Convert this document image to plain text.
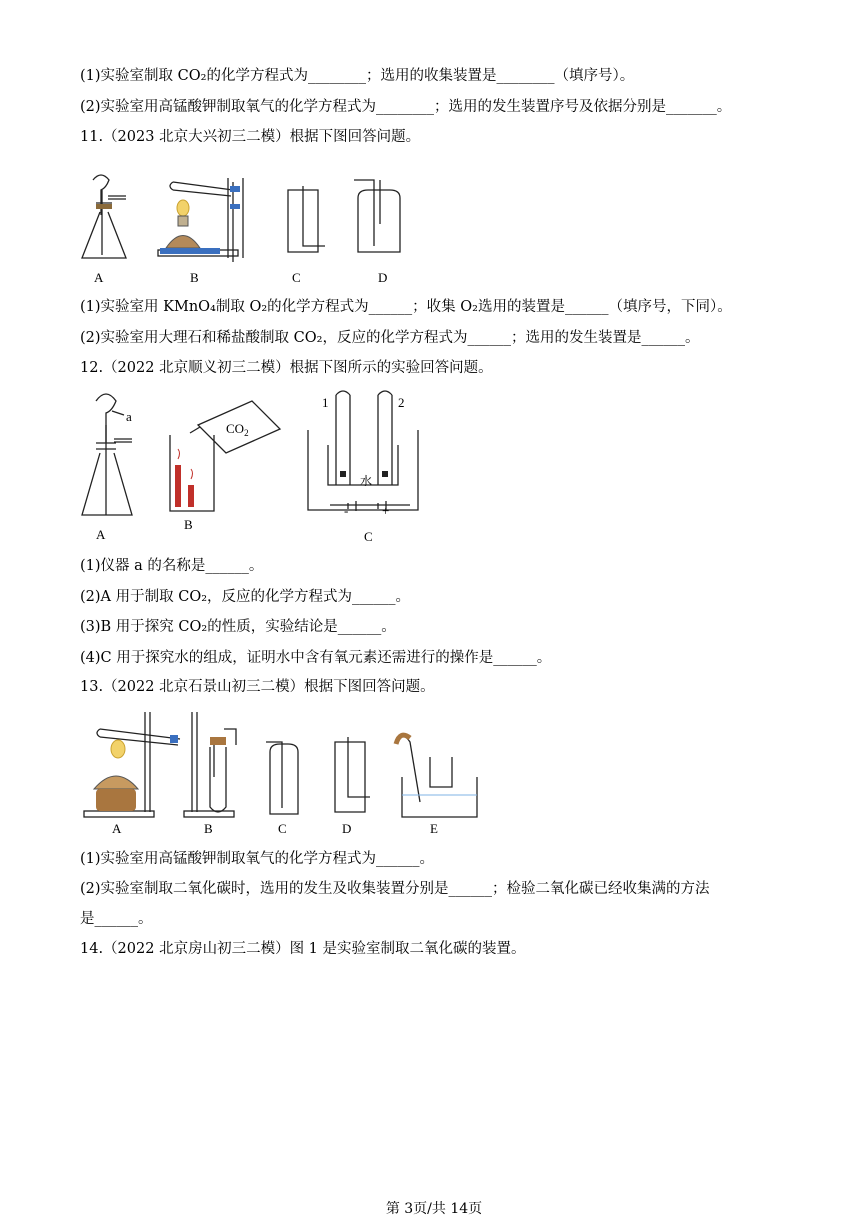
(1)实验室制取 CO₂的化学方程式为________；选用的收集装置是________（填序号）。
(2)实验室用高锰酸钾制取氧气的化学方程式为________；选用的发生装置序号及依据分别是_______。
11.（2023 北京大兴初三二模）根据下图回答问题。
A	B	C	D
(1)实验室用 KMnO₄制取 O₂的化学方程式为______；收集 O₂选用的装置是______（填序号，下同）。
(2)实验室用大理石和稀盐酸制取 CO₂，反应的化学方程式为______；选用的发生装置是______。
12.（2022 北京顺义初三二模）根据下图所示的实验回答问题。
a
$CO_2$
1	2
水
-	+
A
B
C
(1)仪器 a 的名称是______。
(2)A 用于制取 CO₂，反应的化学方程式为______。
(3)B 用于探究 CO₂的性质，实验结论是______。
(4)C 用于探究水的组成，证明水中含有氧元素还需进行的操作是______。
13.（2022 北京石景山初三二模）根据下图回答问题。
A	B	C	D	E
(1)实验室用高锰酸钾制取氧气的化学方程式为______。
(2)实验室制取二氧化碳时，选用的发生及收集装置分别是______；检验二氧化碳已经收集满的方法
是______。
14.（2022 北京房山初三二模）图 1 是实验室制取二氧化碳的装置。
第 3页/共 14页
